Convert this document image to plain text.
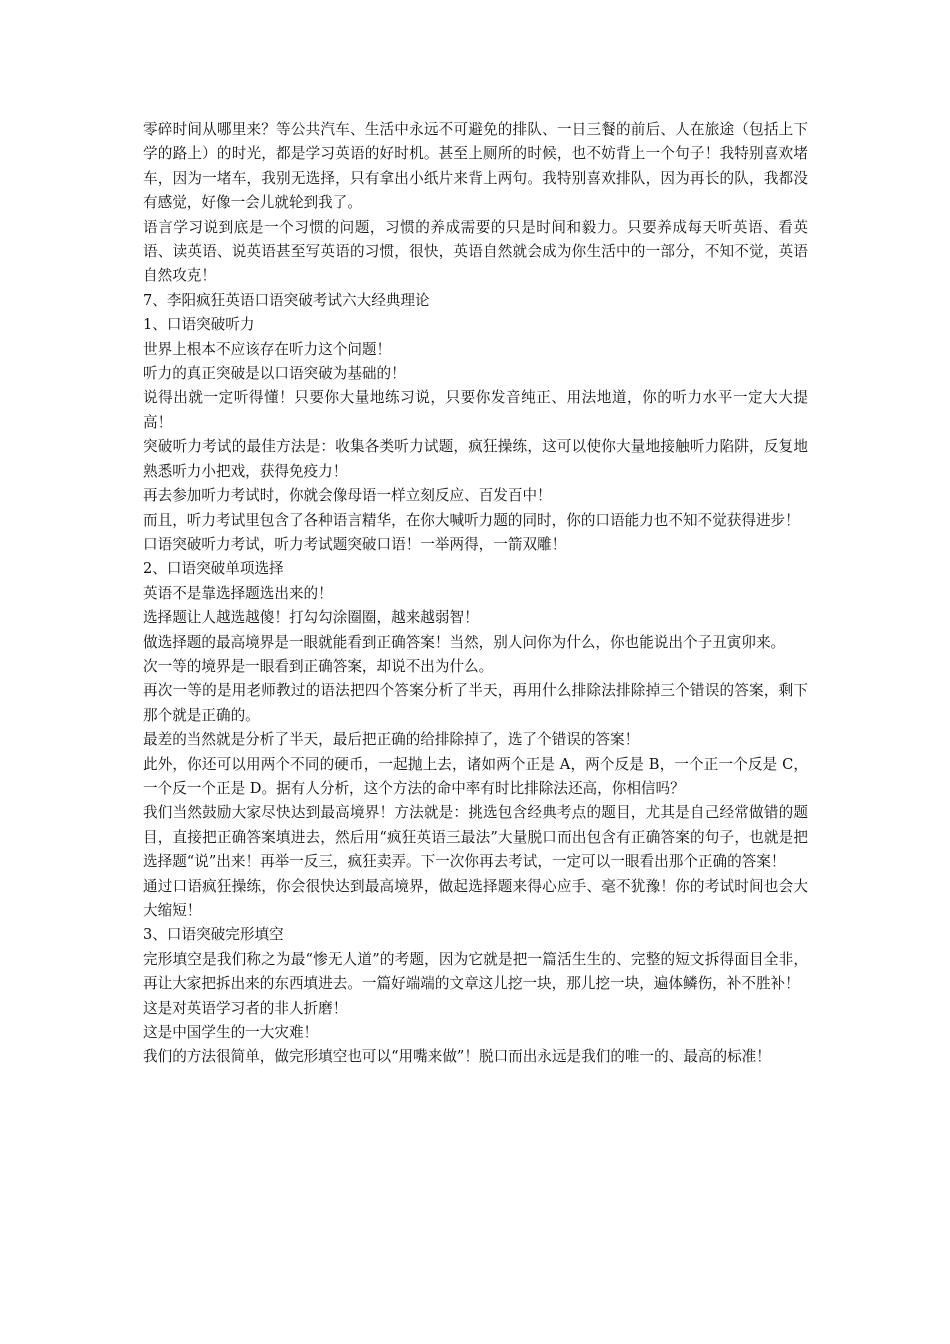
零碎时间从哪里来？等公共汽车、生活中永远不可避免的排队、一日三餐的前后、人在旅途（包括上下学的路上）的时光，都是学习英语的好时机。甚至上厕所的时候，也不妨背上一个句子！我特别喜欢堵车，因为一堵车，我别无选择，只有拿出小纸片来背上两句。我特别喜欢排队，因为再长的队，我都没有感觉，好像一会儿就轮到我了。

语言学习说到底是一个习惯的问题，习惯的养成需要的只是时间和毅力。只要养成每天听英语、看英语、读英语、说英语甚至写英语的习惯，很快，英语自然就会成为你生活中的一部分，不知不觉，英语自然攻克！

7、李阳疯狂英语口语突破考试六大经典理论

1、口语突破听力

世界上根本不应该存在听力这个问题！

听力的真正突破是以口语突破为基础的！

说得出就一定听得懂！只要你大量地练习说，只要你发音纯正、用法地道，你的听力水平一定大大提高！

突破听力考试的最佳方法是：收集各类听力试题，疯狂操练，这可以使你大量地接触听力陷阱，反复地熟悉听力小把戏，获得免疫力！

再去参加听力考试时，你就会像母语一样立刻反应、百发百中！

而且，听力考试里包含了各种语言精华，在你大喊听力题的同时，你的口语能力也不知不觉获得进步！

口语突破听力考试，听力考试题突破口语！一举两得，一箭双雕！

2、口语突破单项选择

英语不是靠选择题选出来的！

选择题让人越选越傻！打勾勾涂圈圈，越来越弱智！

做选择题的最高境界是一眼就能看到正确答案！当然，别人问你为什么，你也能说出个子丑寅卯来。

次一等的境界是一眼看到正确答案，却说不出为什么。

再次一等的是用老师教过的语法把四个答案分析了半天，再用什么排除法排除掉三个错误的答案，剩下那个就是正确的。

最差的当然就是分析了半天，最后把正确的给排除掉了，选了个错误的答案！

此外，你还可以用两个不同的硬币，一起抛上去，诸如两个正是 A，两个反是 B，一个正一个反是 C，一个反一个正是 D。据有人分析，这个方法的命中率有时比排除法还高，你相信吗？

我们当然鼓励大家尽快达到最高境界！方法就是：挑选包含经典考点的题目，尤其是自己经常做错的题目，直接把正确答案填进去，然后用“疯狂英语三最法”大量脱口而出包含有正确答案的句子，也就是把选择题“说”出来！再举一反三，疯狂卖弄。下一次你再去考试，一定可以一眼看出那个正确的答案！

通过口语疯狂操练，你会很快达到最高境界，做起选择题来得心应手、毫不犹豫！你的考试时间也会大大缩短！

3、口语突破完形填空

完形填空是我们称之为最“惨无人道”的考题，因为它就是把一篇活生生的、完整的短文拆得面目全非，再让大家把拆出来的东西填进去。一篇好端端的文章这儿挖一块，那儿挖一块，遍体鳞伤，补不胜补！

这是对英语学习者的非人折磨！

这是中国学生的一大灾难！

我们的方法很简单，做完形填空也可以“用嘴来做”！脱口而出永远是我们的唯一的、最高的标准！
